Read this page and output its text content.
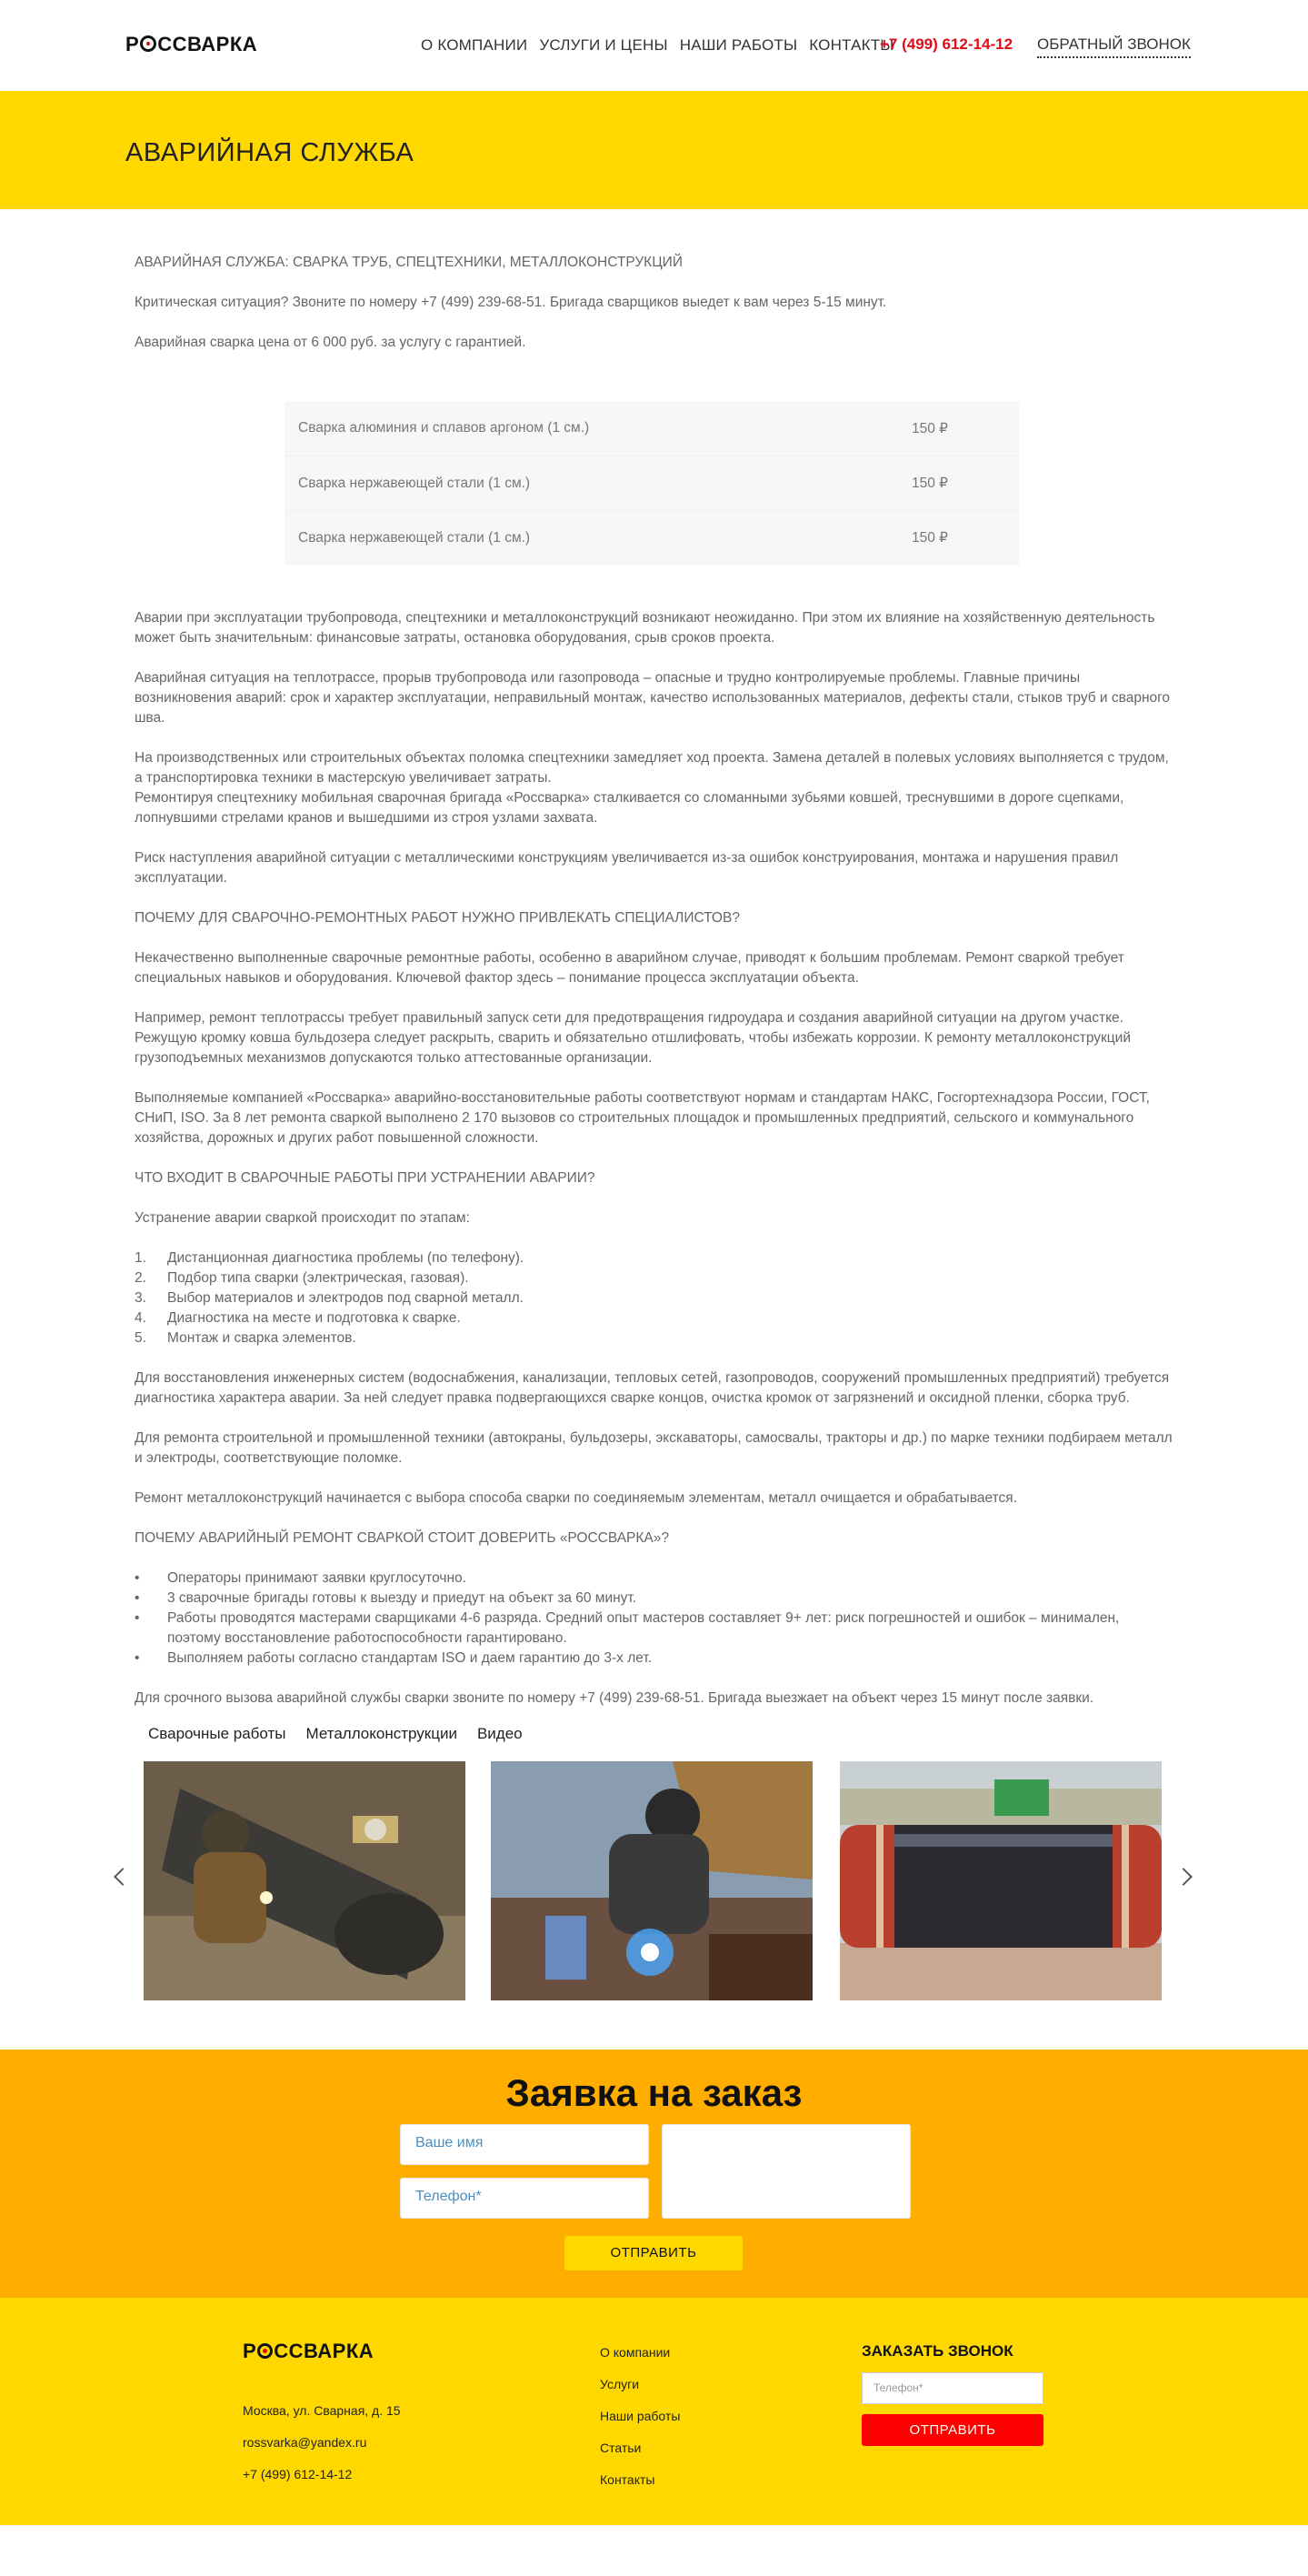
Р ССВАРКА	О КОМПАНИИ УСЛУГИ И ЦЕНЫ НАШИ РАБОТЫ КОНТАКТЫ
+7 (499) 612-14-12 ОБРАТНЫЙ ЗВОНОК
АВАРИЙНАЯ СЛУЖБА

АВАРИЙНАЯ СЛУЖБА: СВАРКА ТРУБ, СПЕЦТЕХНИКИ, МЕТАЛЛОКОНСТРУКЦИЙ

Критическая ситуация? Звоните по номеру +7 (499) 239-68-51. Бригада сварщиков выедет к вам через 5-15 минут.

Аварийная сварка цена от 6 000 руб. за услугу с гарантией.

Сварка алюминия и сплавов аргоном (1 см.)	150 ₽
Сварка нержавеющей стали (1 см.)	150 ₽
Сварка нержавеющей стали (1 см.)	150 ₽

Аварии при эксплуатации трубопровода, спецтехники и металлоконструкций возникают неожиданно. При этом их влияние на хозяйственную деятельность может быть значительным: финансовые затраты, остановка оборудования, срыв сроков проекта.

Аварийная ситуация на теплотрассе, прорыв трубопровода или газопровода – опасные и трудно контролируемые проблемы. Главные причины возникновения аварий: срок и характер эксплуатации, неправильный монтаж, качество использованных материалов, дефекты стали, стыков труб и сварного шва.

На производственных или строительных объектах поломка спецтехники замедляет ход проекта. Замена деталей в полевых условиях выполняется с трудом, а транспортировка техники в мастерскую увеличивает затраты.

Ремонтируя спецтехнику мобильная сварочная бригада «Россварка» сталкивается со сломанными зубьями ковшей, треснувшими в дороге сцепками, лопнувшими стрелами кранов и вышедшими из строя узлами захвата.

Риск наступления аварийной ситуации с металлическими конструкциям увеличивается из-за ошибок конструирования, монтажа и нарушения правил эксплуатации.

ПОЧЕМУ ДЛЯ СВАРОЧНО-РЕМОНТНЫХ РАБОТ НУЖНО ПРИВЛЕКАТЬ СПЕЦИАЛИСТОВ?

Некачественно выполненные сварочные ремонтные работы, особенно в аварийном случае, приводят к большим проблемам. Ремонт сваркой требует специальных навыков и оборудования. Ключевой фактор здесь – понимание процесса эксплуатации объекта.

Например, ремонт теплотрассы требует правильный запуск сети для предотвращения гидроудара и создания аварийной ситуации на другом участке. Режущую кромку ковша бульдозера следует раскрыть, сварить и обязательно отшлифовать, чтобы избежать коррозии. К ремонту металлоконструкций грузоподъемных механизмов допускаются только аттестованные организации.

Выполняемые компанией «Россварка» аварийно-восстановительные работы соответствуют нормам и стандартам НАКС, Госгортехнадзора России, ГОСТ, СНиП, ISO. За 8 лет ремонта сваркой выполнено 2 170 вызовов со строительных площадок и промышленных предприятий, сельского и коммунального хозяйства, дорожных и других работ повышенной сложности.

ЧТО ВХОДИТ В СВАРОЧНЫЕ РАБОТЫ ПРИ УСТРАНЕНИИ АВАРИИ?

Устранение аварии сваркой происходит по этапам:

1.	Дистанционная диагностика проблемы (по телефону).
2.	Подбор типа сварки (электрическая, газовая).
3.	Выбор материалов и электродов под сварной металл.
4.	Диагностика на месте и подготовка к сварке.
5.	Монтаж и сварка элементов.

Для восстановления инженерных систем (водоснабжения, канализации, тепловых сетей, газопроводов, сооружений промышленных предприятий) требуется диагностика характера аварии. За ней следует правка подвергающихся сварке концов, очистка кромок от загрязнений и оксидной пленки, сборка труб.

Для ремонта строительной и промышленной техники (автокраны, бульдозеры, экскаваторы, самосвалы, тракторы и др.) по марке техники подбираем металл и электроды, соответствующие поломке.

Ремонт металлоконструкций начинается с выбора способа сварки по соединяемым элементам, металл очищается и обрабатывается.

ПОЧЕМУ АВАРИЙНЫЙ РЕМОНТ СВАРКОЙ СТОИТ ДОВЕРИТЬ «РОССВАРКА»?

•	Операторы принимают заявки круглосуточно.
•	3 сварочные бригады готовы к выезду и приедут на объект за 60 минут.
•	Работы проводятся мастерами сварщиками 4-6 разряда. Средний опыт мастеров составляет 9+ лет: риск погрешностей и ошибок – минимален, поэтому восстановление работоспособности гарантировано.
•	Выполняем работы согласно стандартам ISO и даем гарантию до 3-х лет.

Для срочного вызова аварийной службы сварки звоните по номеру +7 (499) 239-68-51. Бригада выезжает на объект через 15 минут после заявки.

Сварочные работы Металлоконструкции Видео
Заявка на заказ
Ваше имя
Телефон*
ОТПРАВИТЬ
Р ССВАРКА
Москва, ул. Сварная, д. 15
rossvarka@yandex.ru
+7 (499) 612-14-12
О компании
Услуги
Наши работы
Статьи
Контакты
ЗАКАЗАТЬ ЗВОНОК
Телефон*
ОТПРАВИТЬ
